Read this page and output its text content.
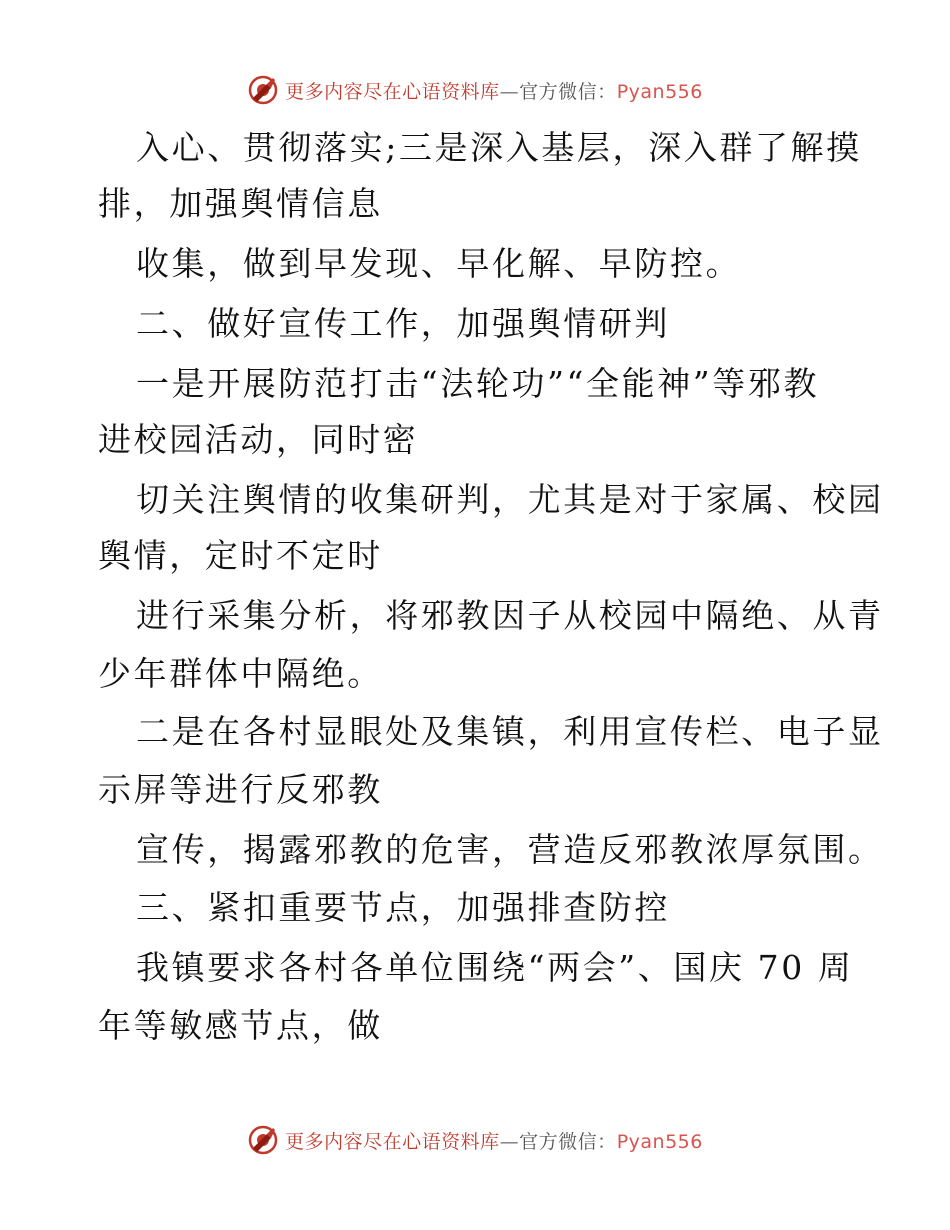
更多内容尽在心语资料库—官方微信：Pyan556
入心、贯彻落实;三是深入基层，深入群了解摸
排，加强舆情信息
收集，做到早发现、早化解、早防控。
二、做好宣传工作，加强舆情研判
一是开展防范打击“法轮功”“全能神”等邪教
进校园活动，同时密
切关注舆情的收集研判，尤其是对于家属、校园
舆情，定时不定时
进行采集分析，将邪教因子从校园中隔绝、从青
少年群体中隔绝。
二是在各村显眼处及集镇，利用宣传栏、电子显
示屏等进行反邪教
宣传，揭露邪教的危害，营造反邪教浓厚氛围。
三、紧扣重要节点，加强排查防控
我镇要求各村各单位围绕“两会”、国庆 70 周
年等敏感节点，做
更多内容尽在心语资料库—官方微信：Pyan556
